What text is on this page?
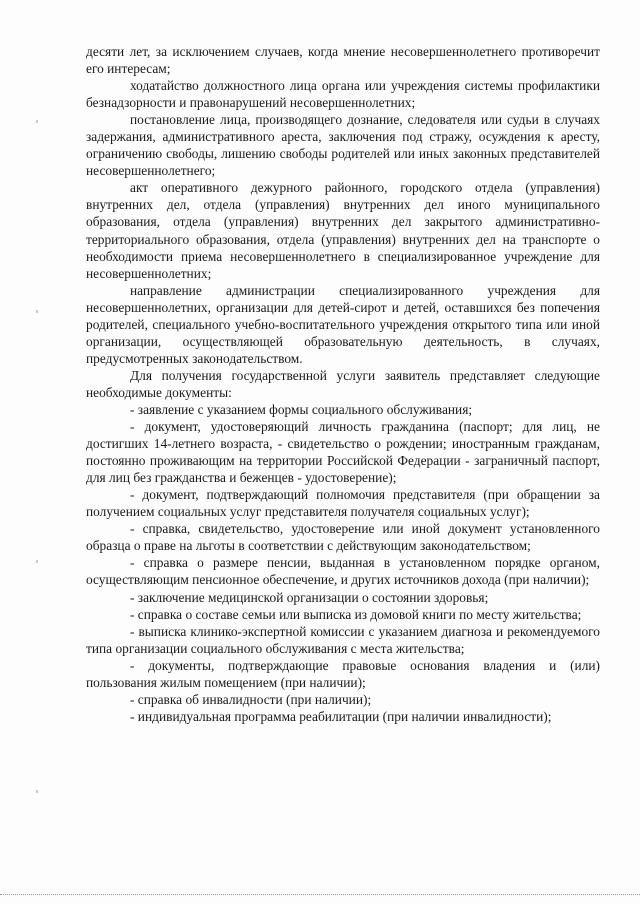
десяти лет, за исключением случаев, когда мнение несовершеннолетнего противоречит его интересам;

ходатайство должностного лица органа или учреждения системы профилактики безнадзорности и правонарушений несовершеннолетних;

постановление лица, производящего дознание, следователя или судьи в случаях задержания, административного ареста, заключения под стражу, осуждения к аресту, ограничению свободы, лишению свободы родителей или иных законных представителей несовершеннолетнего;

акт оперативного дежурного районного, городского отдела (управления) внутренних дел, отдела (управления) внутренних дел иного муниципального образования, отдела (управления) внутренних дел закрытого административно-территориального образования, отдела (управления) внутренних дел на транспорте о необходимости приема несовершеннолетнего в специализированное учреждение для несовершеннолетних;

направление администрации специализированного учреждения для несовершеннолетних, организации для детей-сирот и детей, оставшихся без попечения родителей, специального учебно-воспитательного учреждения открытого типа или иной организации, осуществляющей образовательную деятельность, в случаях, предусмотренных законодательством.

Для получения государственной услуги заявитель представляет следующие необходимые документы:

- заявление с указанием формы социального обслуживания;

- документ, удостоверяющий личность гражданина (паспорт; для лиц, не достигших 14-летнего возраста, - свидетельство о рождении; иностранным гражданам, постоянно проживающим на территории Российской Федерации - заграничный паспорт, для лиц без гражданства и беженцев - удостоверение);

- документ, подтверждающий полномочия представителя (при обращении за получением социальных услуг представителя получателя социальных услуг);

- справка, свидетельство, удостоверение или иной документ установленного образца о праве на льготы в соответствии с действующим законодательством;

- справка о размере пенсии, выданная в установленном порядке органом, осуществляющим пенсионное обеспечение, и других источников дохода (при наличии);

- заключение медицинской организации о состоянии здоровья;

- справка о составе семьи или выписка из домовой книги по месту жительства;

- выписка клинико-экспертной комиссии с указанием диагноза и рекомендуемого типа организации социального обслуживания с места жительства;

- документы, подтверждающие правовые основания владения и (или) пользования жилым помещением (при наличии);

- справка об инвалидности (при наличии);

- индивидуальная программа реабилитации (при наличии инвалидности);
